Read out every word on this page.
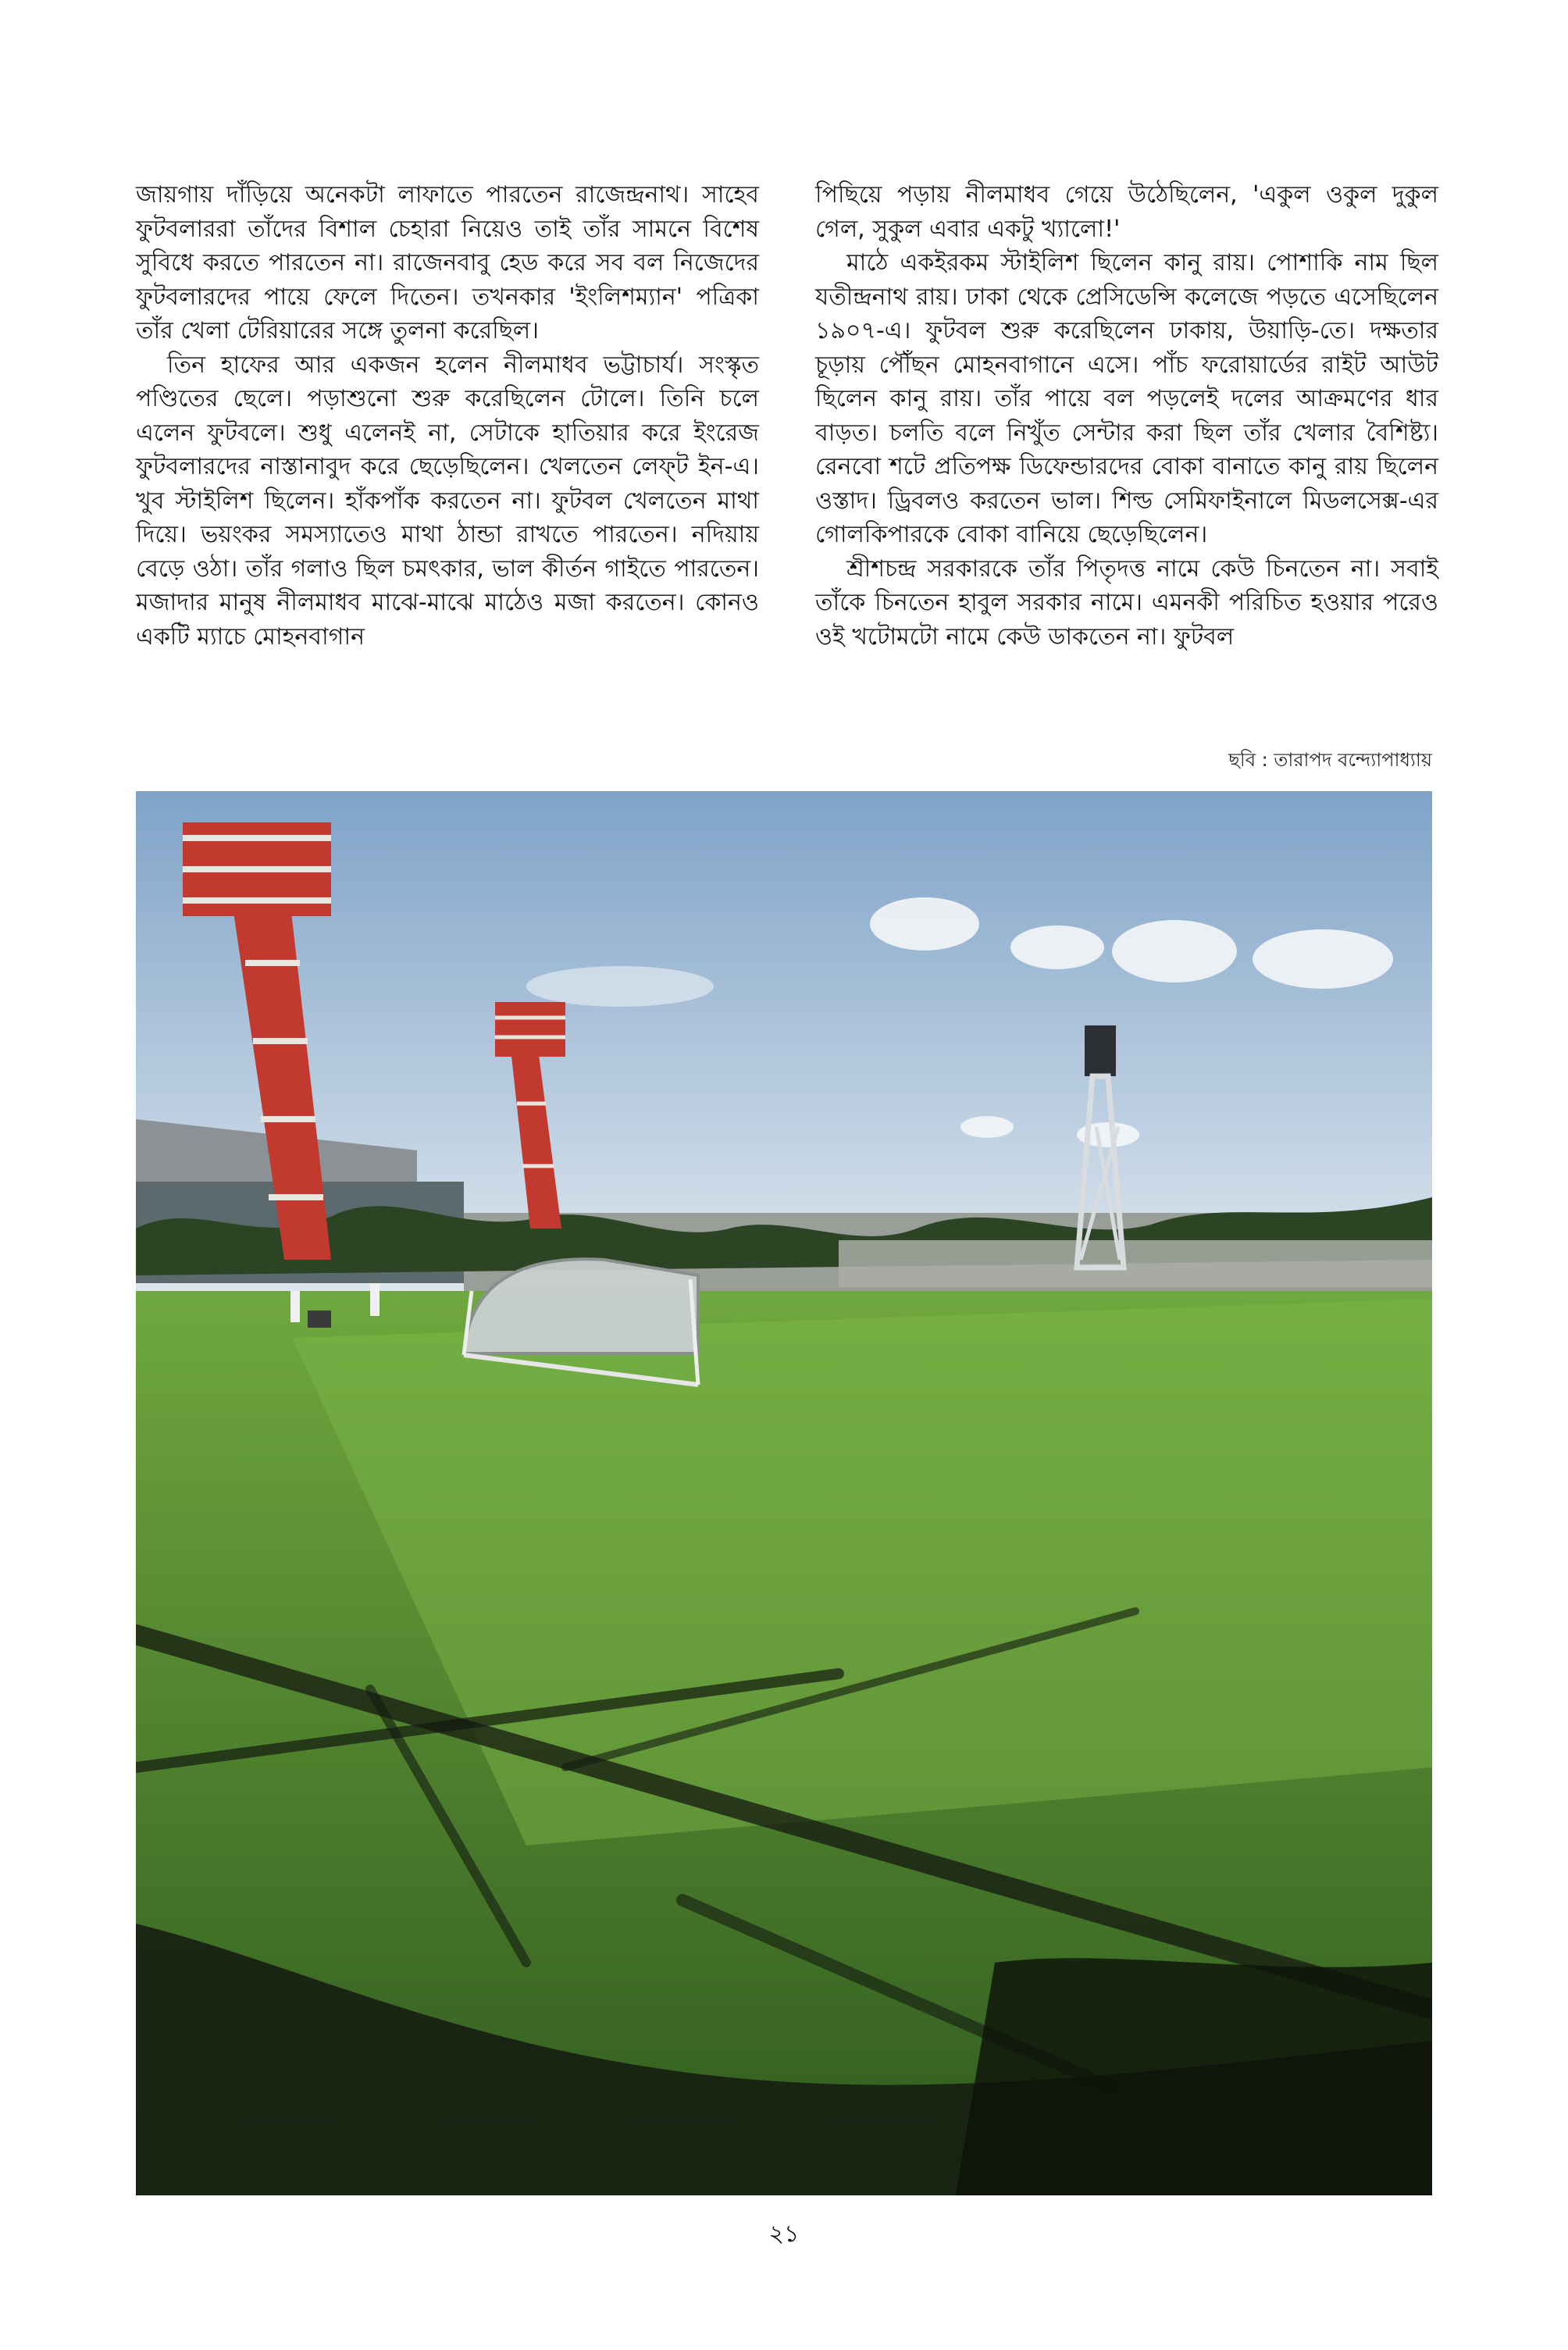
জায়গায় দাঁড়িয়ে অনেকটা লাফাতে পারতেন রাজেন্দ্রনাথ। সাহেব ফুটবলাররা তাঁদের বিশাল চেহারা নিয়েও তাই তাঁর সামনে বিশেষ সুবিধে করতে পারতেন না। রাজেনবাবু হেড করে সব বল নিজেদের ফুটবলারদের পায়ে ফেলে দিতেন। তখনকার 'ইংলিশম্যান' পত্রিকা তাঁর খেলা টেরিয়ারের সঙ্গে তুলনা করেছিল।

তিন হাফের আর একজন হলেন নীলমাধব ভট্টাচার্য। সংস্কৃত পণ্ডিতের ছেলে। পড়াশুনো শুরু করেছিলেন টোলে। তিনি চলে এলেন ফুটবলে। শুধু এলেনই না, সেটাকে হাতিয়ার করে ইংরেজ ফুটবলারদের নাস্তানাবুদ করে ছেড়েছিলেন। খেলতেন লেফ্‌ট ইন-এ। খুব স্টাইলিশ ছিলেন। হাঁকপাঁক করতেন না। ফুটবল খেলতেন মাথা দিয়ে। ভয়ংকর সমস্যাতেও মাথা ঠান্ডা রাখতে পারতেন। নদিয়ায় বেড়ে ওঠা। তাঁর গলাও ছিল চমৎকার, ভাল কীর্তন গাইতে পারতেন। মজাদার মানুষ নীলমাধব মাঝে-মাঝে মাঠেও মজা করতেন। কোনও একটি ম্যাচে মোহনবাগান

পিছিয়ে পড়ায় নীলমাধব গেয়ে উঠেছিলেন, 'একুল ওকুল দুকুল গেল, সুকুল এবার একটু খ্যালো!'

মাঠে একইরকম স্টাইলিশ ছিলেন কানু রায়। পোশাকি নাম ছিল যতীন্দ্রনাথ রায়। ঢাকা থেকে প্রেসিডেন্সি কলেজে পড়তে এসেছিলেন ১৯০৭-এ। ফুটবল শুরু করেছিলেন ঢাকায়, উয়াড়ি-তে। দক্ষতার চূড়ায় পৌঁছন মোহনবাগানে এসে। পাঁচ ফরোয়ার্ডের রাইট আউট ছিলেন কানু রায়। তাঁর পায়ে বল পড়লেই দলের আক্রমণের ধার বাড়ত। চলতি বলে নিখুঁত সেন্টার করা ছিল তাঁর খেলার বৈশিষ্ট্য। রেনবো শটে প্রতিপক্ষ ডিফেন্ডারদের বোকা বানাতে কানু রায় ছিলেন ওস্তাদ। ড্রিবলও করতেন ভাল। শিল্ড সেমিফাইনালে মিডলসেক্স-এর গোলকিপারকে বোকা বানিয়ে ছেড়েছিলেন।

শ্রীশচন্দ্র সরকারকে তাঁর পিতৃদত্ত নামে কেউ চিনতেন না। সবাই তাঁকে চিনতেন হাবুল সরকার নামে। এমনকী পরিচিত হওয়ার পরেও ওই খটোমটো নামে কেউ ডাকতেন না। ফুটবল

ছবি : তারাপদ বন্দ্যোপাধ্যায়
২১
